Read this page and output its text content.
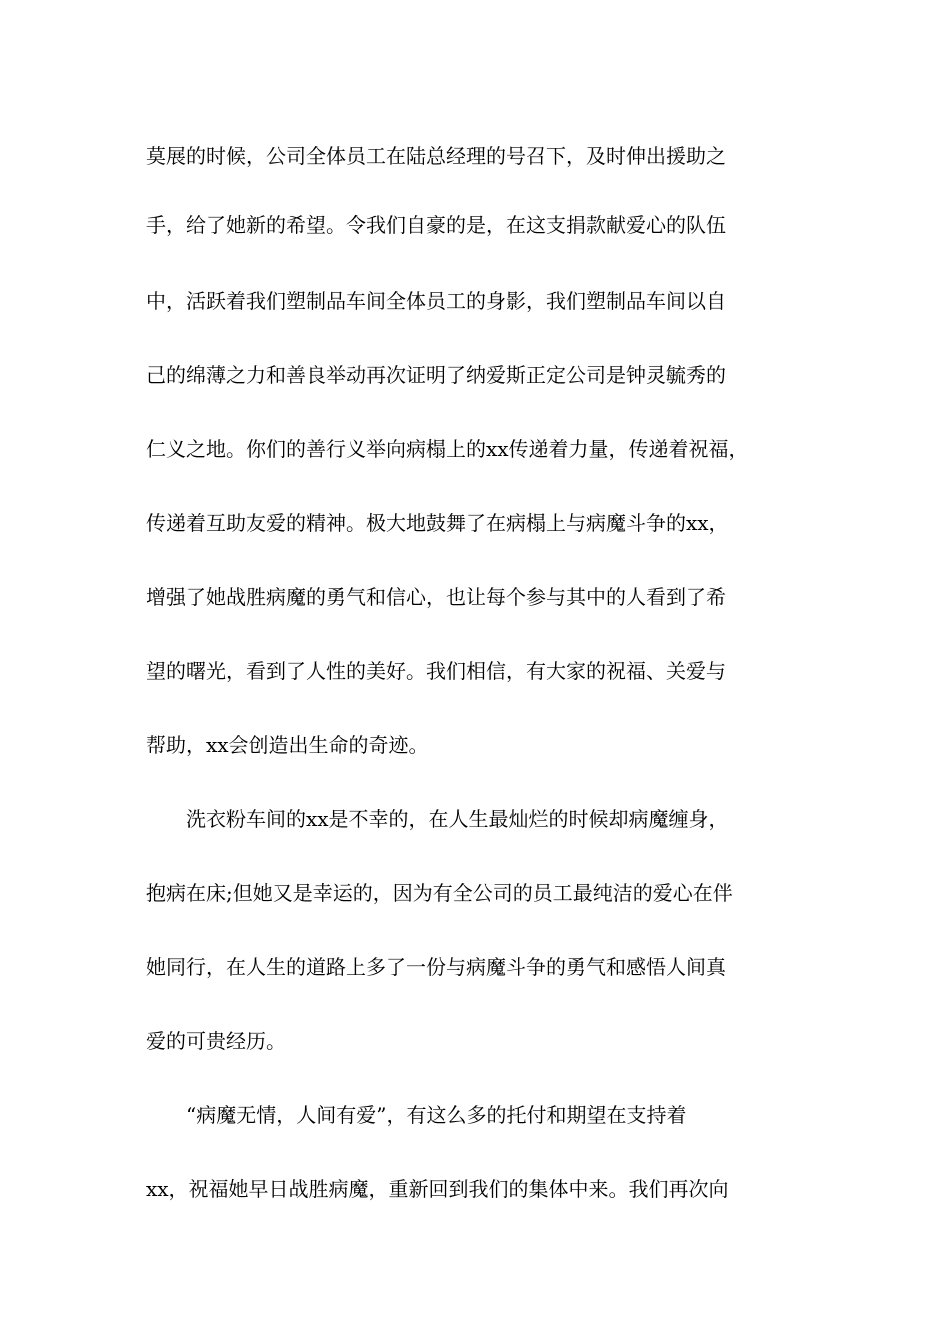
莫展的时候，公司全体员工在陆总经理的号召下，及时伸出援助之
手，给了她新的希望。令我们自豪的是，在这支捐款献爱心的队伍
中，活跃着我们塑制品车间全体员工的身影，我们塑制品车间以自
己的绵薄之力和善良举动再次证明了纳爱斯正定公司是钟灵毓秀的
仁义之地。你们的善行义举向病榻上的xx传递着力量，传递着祝福，
传递着互助友爱的精神。极大地鼓舞了在病榻上与病魔斗争的xx，
增强了她战胜病魔的勇气和信心，也让每个参与其中的人看到了希
望的曙光，看到了人性的美好。我们相信，有大家的祝福、关爱与
帮助，xx会创造出生命的奇迹。
洗衣粉车间的xx是不幸的，在人生最灿烂的时候却病魔缠身，
抱病在床;但她又是幸运的，因为有全公司的员工最纯洁的爱心在伴
她同行，在人生的道路上多了一份与病魔斗争的勇气和感悟人间真
爱的可贵经历。
“病魔无情，人间有爱”，有这么多的托付和期望在支持着
xx，祝福她早日战胜病魔，重新回到我们的集体中来。我们再次向
